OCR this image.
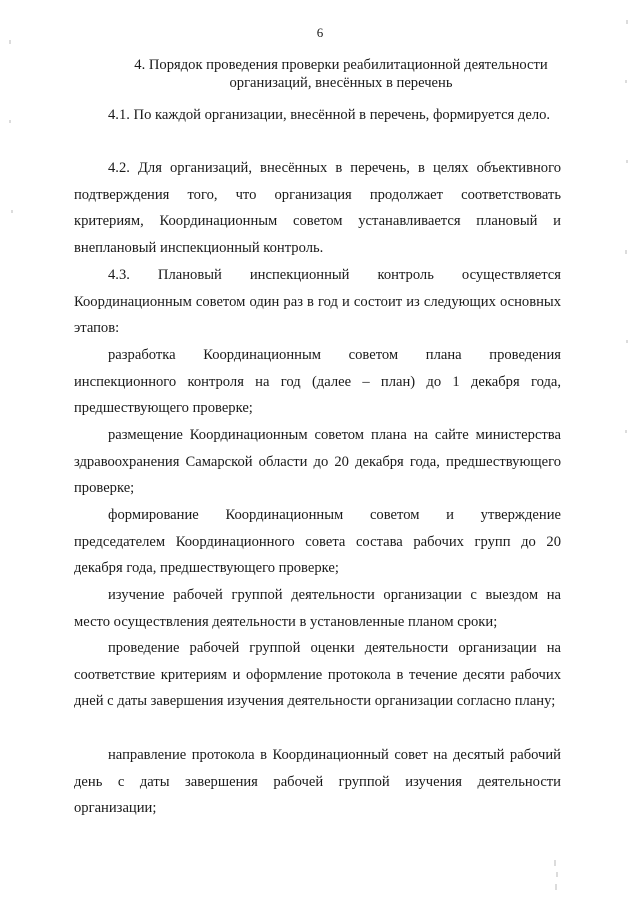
6
4. Порядок проведения проверки реабилитационной деятельности организаций, внесённых в перечень

4.1. По каждой организации, внесённой в перечень, формируется дело.

4.2. Для организаций, внесённых в перечень, в целях объективного подтверждения того, что организация продолжает соответствовать критериям, Координационным советом устанавливается плановый и внеплановый инспекционный контроль.

4.3. Плановый инспекционный контроль осуществляется Координационным советом один раз в год и состоит из следующих основных этапов:

разработка Координационным советом плана проведения инспекционного контроля на год (далее – план) до 1 декабря года, предшествующего проверке;

размещение Координационным советом плана на сайте министерства здравоохранения Самарской области до 20 декабря года, предшествующего проверке;

формирование Координационным советом и утверждение председателем Координационного совета состава рабочих групп до 20 декабря года, предшествующего проверке;

изучение рабочей группой деятельности организации с выездом на место осуществления деятельности в установленные планом сроки;

проведение рабочей группой оценки деятельности организации на соответствие критериям и оформление протокола в течение десяти рабочих дней с даты завершения изучения деятельности организации согласно плану;

направление протокола в Координационный совет на десятый рабочий день с даты завершения рабочей группой изучения деятельности организации;
